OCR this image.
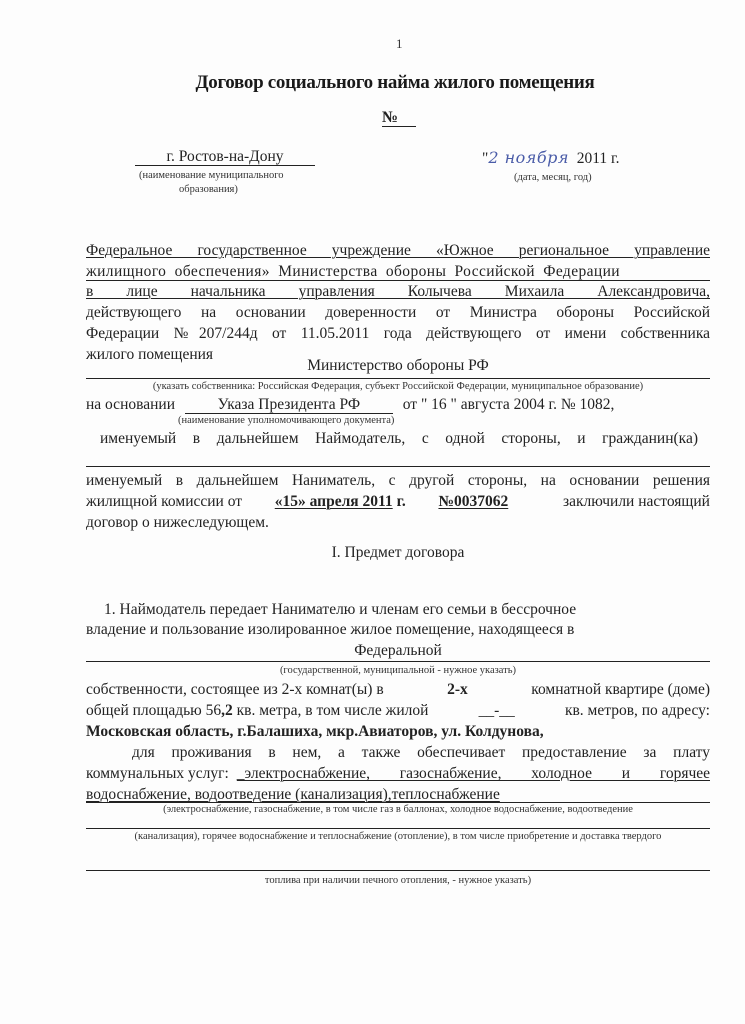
1
Договор социального найма жилого помещения
№
г. Ростов-на-Дону
(наименование муниципального
образования)
"2 ноября 2011 г.
(дата, месяц, год)
Федеральное государственное учреждение «Южное региональное управление
жилищного обеспечения» Министерства обороны Российской Федерации
в лице начальника управления Колычева Михаила Александровича,
действующего на основании доверенности от Министра обороны Российской
Федерации №207/244д от 11.05.2011 года действующего от имени собственника
жилого помещения
Министерство обороны РФ
(указать собственника: Российская Федерация, субъект Российской Федерации, муниципальное образование)
на основании	Указа Президента РФ	от " 16 " августа 2004 г. № 1082,
(наименование уполномочивающего документа)
именуемый в дальнейшем Наймодатель, с одной стороны, и гражданин(ка)
именуемый в дальнейшем Наниматель, с другой стороны, на основании решения
жилищной комиссии от «15» апреля 2011 г. №0037062	заключили настоящий
договор о нижеследующем.
I. Предмет договора
1. Наймодатель передает Нанимателю и членам его семьи в бессрочное
владение и пользование изолированное жилое помещение, находящееся в
Федеральной
(государственной, муниципальной - нужное указать)
собственности, состоящее из 2-х комнат(ы) в	2-х	комнатной квартире (доме)
общей площадью 56,2 кв. метра, в том числе жилой	__-__	кв. метров, по адресу:
Московская область, г.Балашиха, мкр.Авиаторов, ул. Колдунова,
для проживания в нем, а также обеспечивает предоставление за плату
коммунальных услуг: _электроснабжение, газоснабжение, холодное и горячее
водоснабжение, водоотведение (канализация),теплоснабжение
(электроснабжение, газоснабжение, в том числе газ в баллонах, холодное водоснабжение, водоотведение
(канализация), горячее водоснабжение и теплоснабжение (отопление), в том числе приобретение и доставка твердого
топлива при наличии печного отопления, - нужное указать)
